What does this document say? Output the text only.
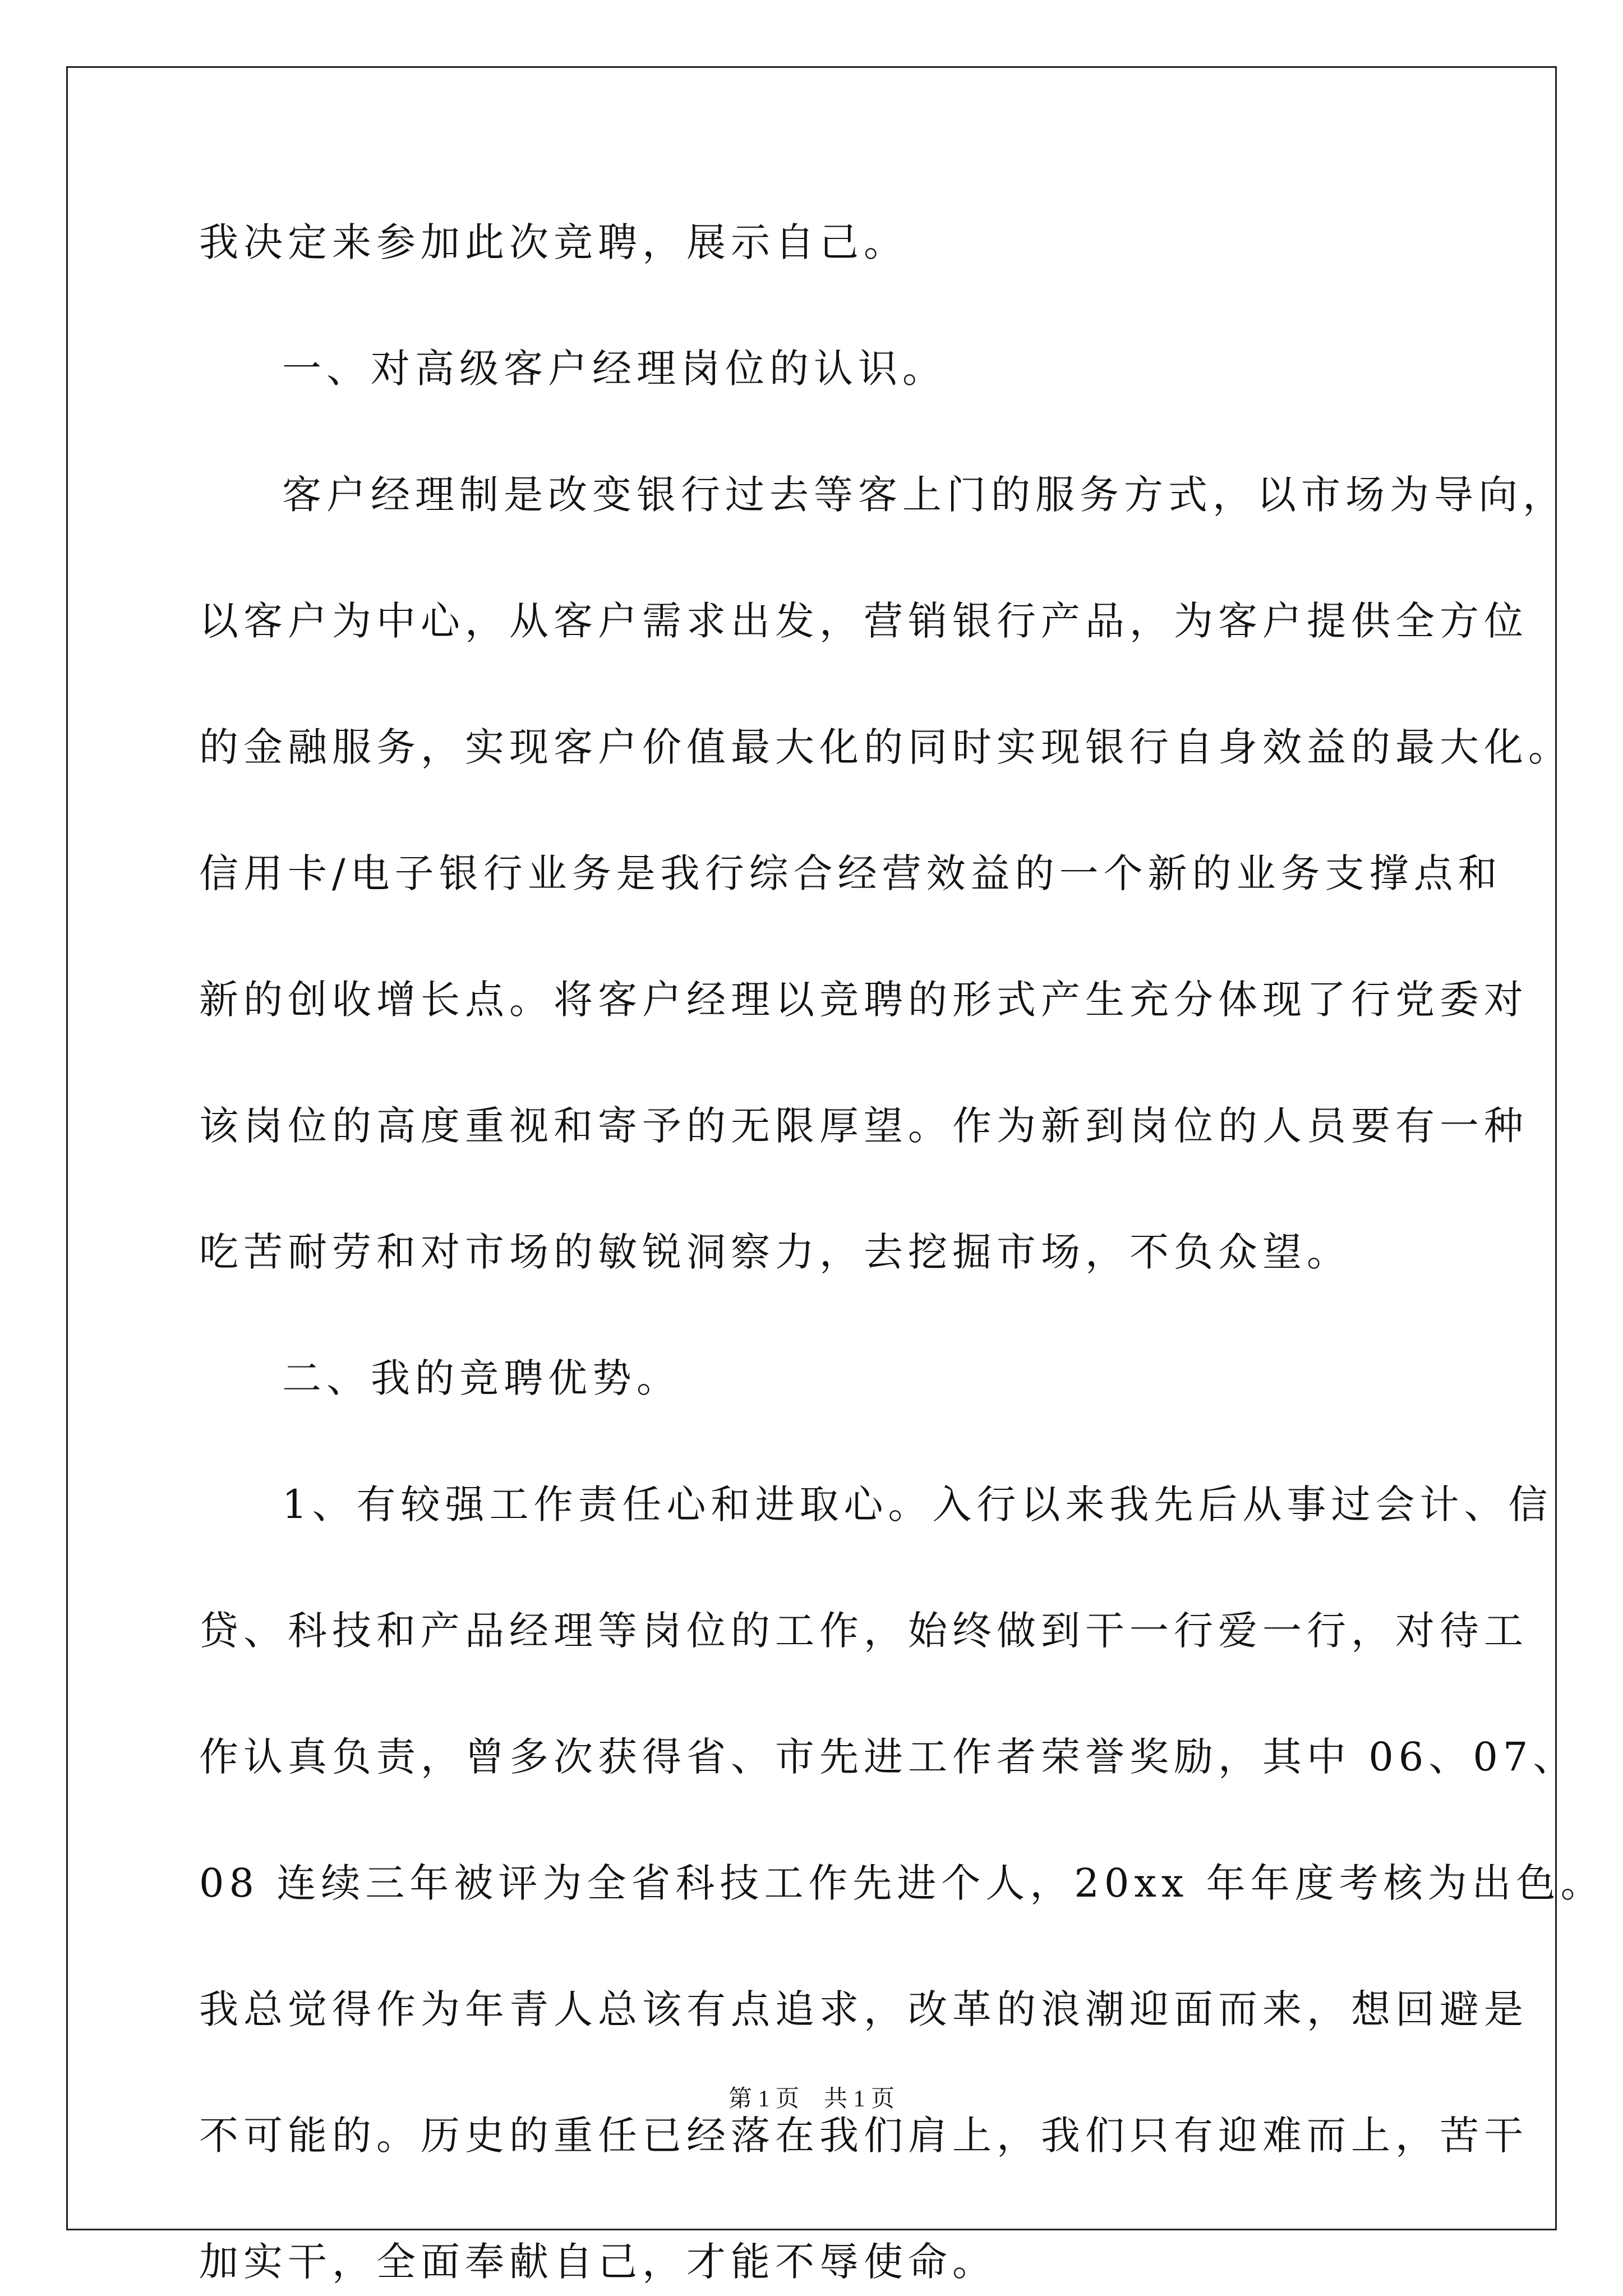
我决定来参加此次竞聘，展示自己。
一、对高级客户经理岗位的认识。
客户经理制是改变银行过去等客上门的服务方式，以市场为导向，
以客户为中心，从客户需求出发，营销银行产品，为客户提供全方位
的金融服务，实现客户价值最大化的同时实现银行自身效益的最大化。
信用卡/电子银行业务是我行综合经营效益的一个新的业务支撑点和
新的创收增长点。将客户经理以竞聘的形式产生充分体现了行党委对
该岗位的高度重视和寄予的无限厚望。作为新到岗位的人员要有一种
吃苦耐劳和对市场的敏锐洞察力，去挖掘市场，不负众望。
二、我的竞聘优势。
1、有较强工作责任心和进取心。入行以来我先后从事过会计、信
贷、科技和产品经理等岗位的工作，始终做到干一行爱一行，对待工
作认真负责，曾多次获得省、市先进工作者荣誉奖励，其中 06、07、
08 连续三年被评为全省科技工作先进个人，20xx 年年度考核为出色。
我总觉得作为年青人总该有点追求，改革的浪潮迎面而来，想回避是
不可能的。历史的重任已经落在我们肩上，我们只有迎难而上，苦干
加实干，全面奉献自己，才能不辱使命。
第 1 页 共 1 页
